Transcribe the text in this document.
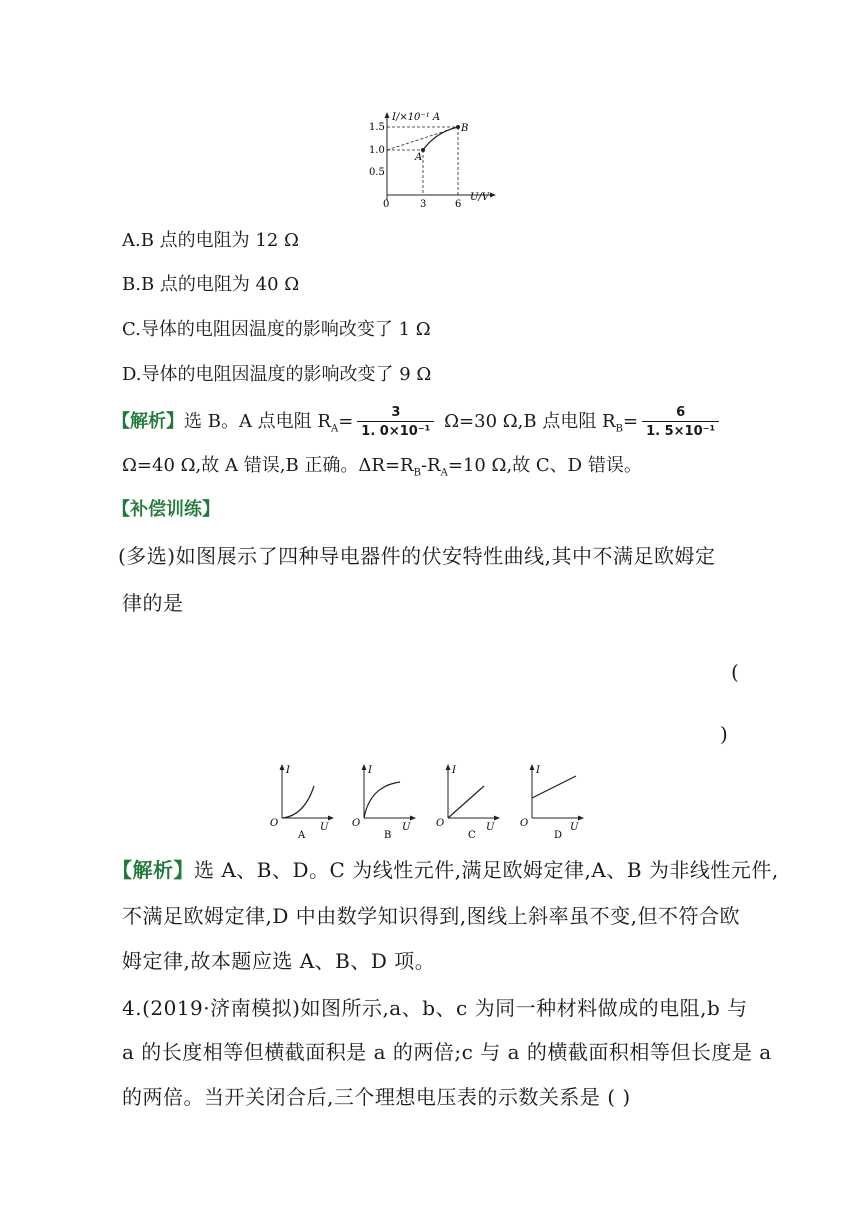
I/×10⁻¹ A
U/V
1.5
1.0
0.5
0	3	6
A
B
A.B 点的电阻为 12 Ω
B.B 点的电阻为 40 Ω
C.导体的电阻因温度的影响改变了 1 Ω
D.导体的电阻因温度的影响改变了 9 Ω
【解析】选 B。A 点电阻 $R_A= \frac{3}{\text{1. 0×10⁻¹}} \Omega=30$ Ω,B 点电阻 $R_B= \frac{6}{\text{1. 5×10⁻¹}}$
Ω=40 Ω,故 A 错误,B 正确。$\Delta R=R_B-R_A=10$ Ω,故 C、D 错误。
【补偿训练】
(多选)如图展示了四种导电器件的伏安特性曲线,其中不满足欧姆定
律的是
(
)
I
U
O
A
I
U
O
B
I
U
O
C
I
U
O
D
【解析】选 A、B、D。C 为线性元件,满足欧姆定律,A、B 为非线性元件,
不满足欧姆定律,D 中由数学知识得到,图线上斜率虽不变,但不符合欧
姆定律,故本题应选 A、B、D 项。
4.(2019·济南模拟)如图所示,a、b、c 为同一种材料做成的电阻,b 与
a 的长度相等但横截面积是 a 的两倍;c 与 a 的横截面积相等但长度是 a
的两倍。当开关闭合后,三个理想电压表的示数关系是 ( )
